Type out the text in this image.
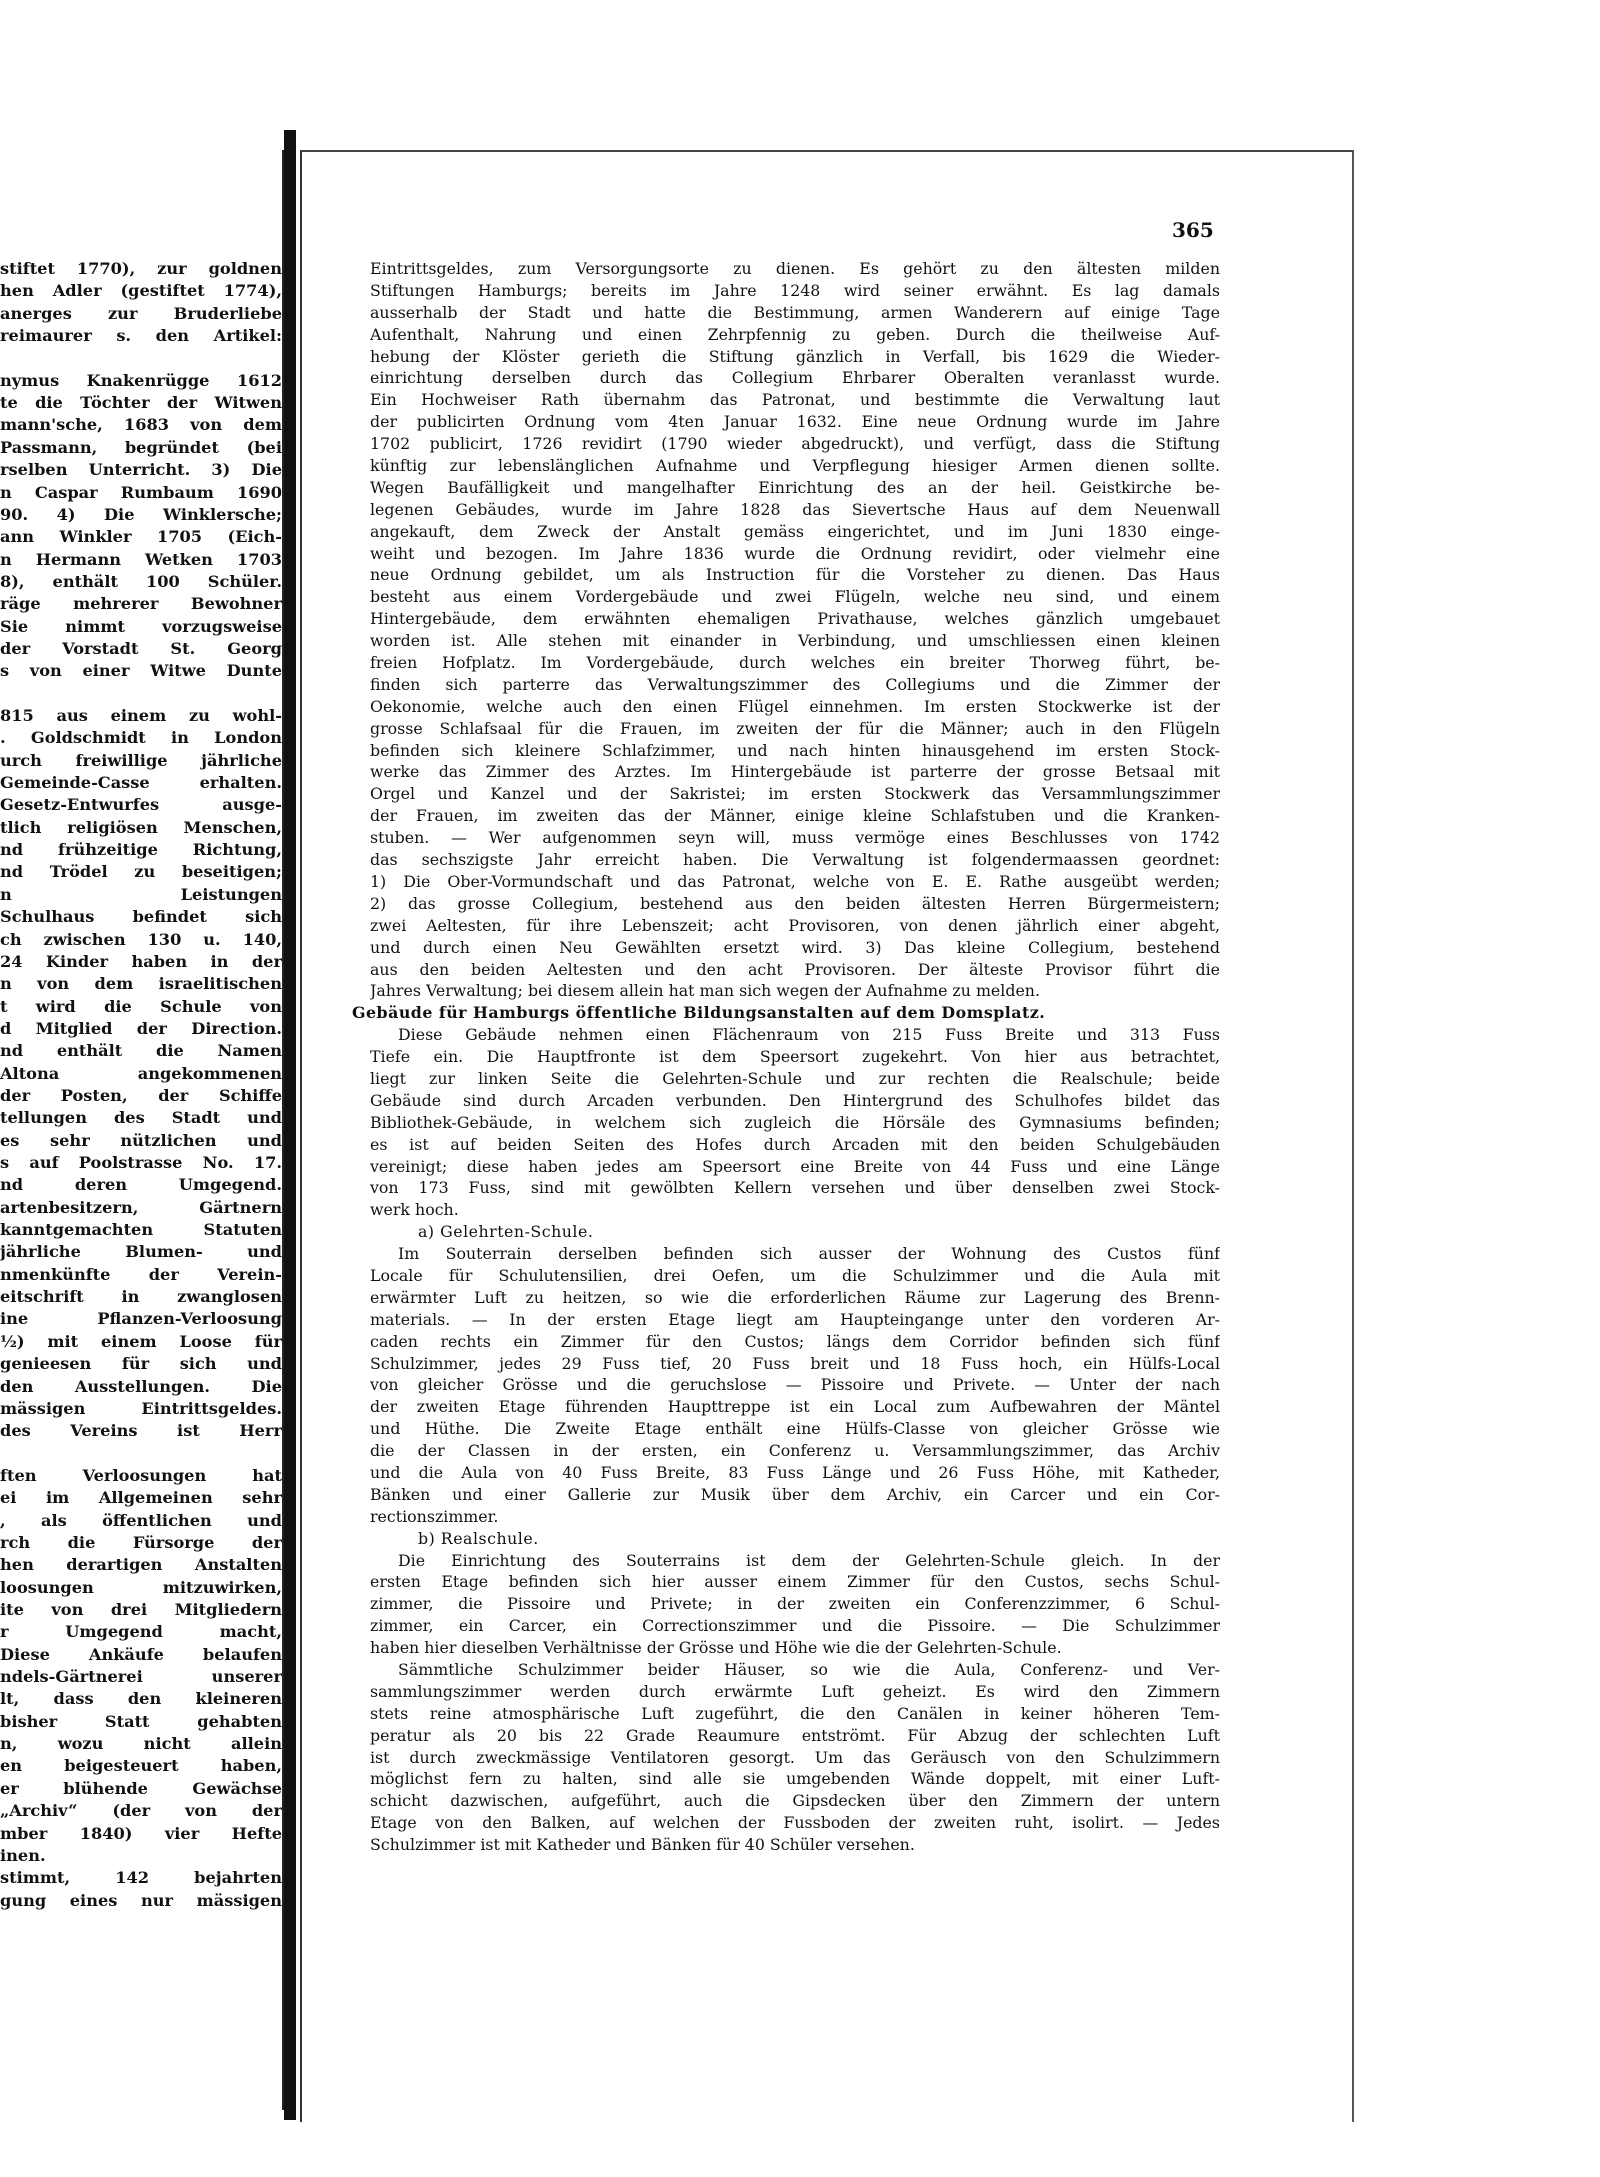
stiftet 1770), zur goldnen
hen Adler (gestiftet 1774),
anerges zur Bruderliebe
reimaurer s. den Artikel:
nymus Knakenrügge 1612
te die Töchter der Witwen
mann'sche, 1683 von dem
Passmann, begründet (bei
rselben Unterricht. 3) Die
n Caspar Rumbaum 1690
90. 4) Die Winklersche;
ann Winkler 1705 (Eich-
n Hermann Wetken 1703
8), enthält 100 Schüler.
räge mehrerer Bewohner
Sie nimmt vorzugsweise
der Vorstadt St. Georg
s von einer Witwe Dunte
815 aus einem zu wohl-
. Goldschmidt in London
urch freiwillige jährliche
Gemeinde-Casse erhalten.
Gesetz-Entwurfes ausge-
tlich religiösen Menschen,
nd frühzeitige Richtung,
nd Trödel zu beseitigen;
n Leistungen
Schulhaus befindet sich
ch zwischen 130 u. 140,
24 Kinder haben in der
n von dem israelitischen
t wird die Schule von
d Mitglied der Direction.
nd enthält die Namen
Altona angekommenen
der Posten, der Schiffe
tellungen des Stadt und
es sehr nützlichen und
s auf Poolstrasse No. 17.
nd deren Umgegend.
artenbesitzern, Gärtnern
kanntgemachten Statuten
jährliche Blumen- und
nmenkünfte der Verein-
eitschrift in zwanglosen
ine Pflanzen-Verloosung
½) mit einem Loose für
genieesen für sich und
den Ausstellungen. Die
mässigen Eintrittsgeldes.
des Vereins ist Herr
ften Verloosungen hat
ei im Allgemeinen sehr
, als öffentlichen und
rch die Fürsorge der
hen derartigen Anstalten
loosungen mitzuwirken,
ite von drei Mitgliedern
r Umgegend macht,
Diese Ankäufe belaufen
ndels-Gärtnerei unserer
lt, dass den kleineren
bisher Statt gehabten
n, wozu nicht allein
en beigesteuert haben,
er blühende Gewächse
„Archiv“ (der von der
mber 1840) vier Hefte
inen.
stimmt, 142 bejahrten
gung eines nur mässigen
365
Eintrittsgeldes, zum Versorgungsorte zu dienen. Es gehört zu den ältesten milden
Stiftungen Hamburgs; bereits im Jahre 1248 wird seiner erwähnt. Es lag damals
ausserhalb der Stadt und hatte die Bestimmung, armen Wanderern auf einige Tage
Aufenthalt, Nahrung und einen Zehrpfennig zu geben. Durch die theilweise Auf-
hebung der Klöster gerieth die Stiftung gänzlich in Verfall, bis 1629 die Wieder-
einrichtung derselben durch das Collegium Ehrbarer Oberalten veranlasst wurde.
Ein Hochweiser Rath übernahm das Patronat, und bestimmte die Verwaltung laut
der publicirten Ordnung vom 4ten Januar 1632. Eine neue Ordnung wurde im Jahre
1702 publicirt, 1726 revidirt (1790 wieder abgedruckt), und verfügt, dass die Stiftung
künftig zur lebenslänglichen Aufnahme und Verpflegung hiesiger Armen dienen sollte.
Wegen Baufälligkeit und mangelhafter Einrichtung des an der heil. Geistkirche be-
legenen Gebäudes, wurde im Jahre 1828 das Sievertsche Haus auf dem Neuenwall
angekauft, dem Zweck der Anstalt gemäss eingerichtet, und im Juni 1830 einge-
weiht und bezogen. Im Jahre 1836 wurde die Ordnung revidirt, oder vielmehr eine
neue Ordnung gebildet, um als Instruction für die Vorsteher zu dienen. Das Haus
besteht aus einem Vordergebäude und zwei Flügeln, welche neu sind, und einem
Hintergebäude, dem erwähnten ehemaligen Privathause, welches gänzlich umgebauet
worden ist. Alle stehen mit einander in Verbindung, und umschliessen einen kleinen
freien Hofplatz. Im Vordergebäude, durch welches ein breiter Thorweg führt, be-
finden sich parterre das Verwaltungszimmer des Collegiums und die Zimmer der
Oekonomie, welche auch den einen Flügel einnehmen. Im ersten Stockwerke ist der
grosse Schlafsaal für die Frauen, im zweiten der für die Männer; auch in den Flügeln
befinden sich kleinere Schlafzimmer, und nach hinten hinausgehend im ersten Stock-
werke das Zimmer des Arztes. Im Hintergebäude ist parterre der grosse Betsaal mit
Orgel und Kanzel und der Sakristei; im ersten Stockwerk das Versammlungszimmer
der Frauen, im zweiten das der Männer, einige kleine Schlafstuben und die Kranken-
stuben. — Wer aufgenommen seyn will, muss vermöge eines Beschlusses von 1742
das sechszigste Jahr erreicht haben. Die Verwaltung ist folgendermaassen geordnet:
1) Die Ober-Vormundschaft und das Patronat, welche von E. E. Rathe ausgeübt werden;
2) das grosse Collegium, bestehend aus den beiden ältesten Herren Bürgermeistern;
zwei Aeltesten, für ihre Lebenszeit; acht Provisoren, von denen jährlich einer abgeht,
und durch einen Neu Gewählten ersetzt wird. 3) Das kleine Collegium, bestehend
aus den beiden Aeltesten und den acht Provisoren. Der älteste Provisor führt die
Jahres Verwaltung; bei diesem allein hat man sich wegen der Aufnahme zu melden.
Gebäude für Hamburgs öffentliche Bildungsanstalten auf dem Domsplatz.
Diese Gebäude nehmen einen Flächenraum von 215 Fuss Breite und 313 Fuss
Tiefe ein. Die Hauptfronte ist dem Speersort zugekehrt. Von hier aus betrachtet,
liegt zur linken Seite die Gelehrten-Schule und zur rechten die Realschule; beide
Gebäude sind durch Arcaden verbunden. Den Hintergrund des Schulhofes bildet das
Bibliothek-Gebäude, in welchem sich zugleich die Hörsäle des Gymnasiums befinden;
es ist auf beiden Seiten des Hofes durch Arcaden mit den beiden Schulgebäuden
vereinigt; diese haben jedes am Speersort eine Breite von 44 Fuss und eine Länge
von 173 Fuss, sind mit gewölbten Kellern versehen und über denselben zwei Stock-
werk hoch.
a) Gelehrten-Schule.
Im Souterrain derselben befinden sich ausser der Wohnung des Custos fünf
Locale für Schulutensilien, drei Oefen, um die Schulzimmer und die Aula mit
erwärmter Luft zu heitzen, so wie die erforderlichen Räume zur Lagerung des Brenn-
materials. — In der ersten Etage liegt am Haupteingange unter den vorderen Ar-
caden rechts ein Zimmer für den Custos; längs dem Corridor befinden sich fünf
Schulzimmer, jedes 29 Fuss tief, 20 Fuss breit und 18 Fuss hoch, ein Hülfs-Local
von gleicher Grösse und die geruchslose — Pissoire und Privete. — Unter der nach
der zweiten Etage führenden Haupttreppe ist ein Local zum Aufbewahren der Mäntel
und Hüthe. Die Zweite Etage enthält eine Hülfs-Classe von gleicher Grösse wie
die der Classen in der ersten, ein Conferenz u. Versammlungszimmer, das Archiv
und die Aula von 40 Fuss Breite, 83 Fuss Länge und 26 Fuss Höhe, mit Katheder,
Bänken und einer Gallerie zur Musik über dem Archiv, ein Carcer und ein Cor-
rectionszimmer.
b) Realschule.
Die Einrichtung des Souterrains ist dem der Gelehrten-Schule gleich. In der
ersten Etage befinden sich hier ausser einem Zimmer für den Custos, sechs Schul-
zimmer, die Pissoire und Privete; in der zweiten ein Conferenzzimmer, 6 Schul-
zimmer, ein Carcer, ein Correctionszimmer und die Pissoire. — Die Schulzimmer
haben hier dieselben Verhältnisse der Grösse und Höhe wie die der Gelehrten-Schule.
Sämmtliche Schulzimmer beider Häuser, so wie die Aula, Conferenz- und Ver-
sammlungszimmer werden durch erwärmte Luft geheizt. Es wird den Zimmern
stets reine atmosphärische Luft zugeführt, die den Canälen in keiner höheren Tem-
peratur als 20 bis 22 Grade Reaumure entströmt. Für Abzug der schlechten Luft
ist durch zweckmässige Ventilatoren gesorgt. Um das Geräusch von den Schulzimmern
möglichst fern zu halten, sind alle sie umgebenden Wände doppelt, mit einer Luft-
schicht dazwischen, aufgeführt, auch die Gipsdecken über den Zimmern der untern
Etage von den Balken, auf welchen der Fussboden der zweiten ruht, isolirt. — Jedes
Schulzimmer ist mit Katheder und Bänken für 40 Schüler versehen.
